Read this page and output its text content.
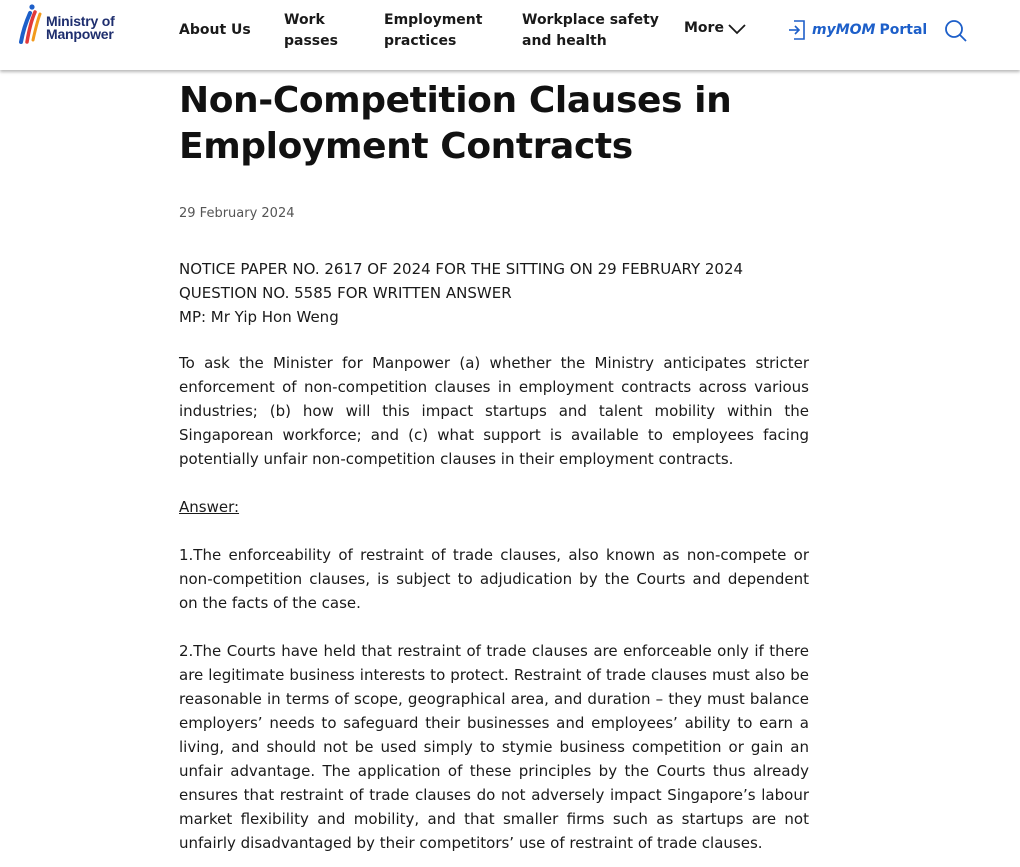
Ministry of
Manpower	About Us
Work
passes
Employment
practices
Workplace safety
and health
More	myMOM Portal
Non-Competition Clauses in
Employment Contracts
29 February 2024
NOTICE PAPER NO. 2617 OF 2024 FOR THE SITTING ON 29 FEBRUARY 2024
QUESTION NO. 5585 FOR WRITTEN ANSWER
MP: Mr Yip Hon Weng

To ask the Minister for Manpower (a) whether the Ministry anticipates stricter enforcement of non-competition clauses in employment contracts across various industries; (b) how will this impact startups and talent mobility within the Singaporean workforce; and (c) what support is available to employees facing potentially unfair non-competition clauses in their employment contracts.

Answer:

1.The enforceability of restraint of trade clauses, also known as non-compete or non-competition clauses, is subject to adjudication by the Courts and dependent on the facts of the case.

2.The Courts have held that restraint of trade clauses are enforceable only if there are legitimate business interests to protect. Restraint of trade clauses must also be reasonable in terms of scope, geographical area, and duration – they must balance employers’ needs to safeguard their businesses and employees’ ability to earn a living, and should not be used simply to stymie business competition or gain an unfair advantage. The application of these principles by the Courts thus already ensures that restraint of trade clauses do not adversely impact Singapore’s labour market flexibility and mobility, and that smaller firms such as startups are not unfairly disadvantaged by their competitors’ use of restraint of trade clauses.
